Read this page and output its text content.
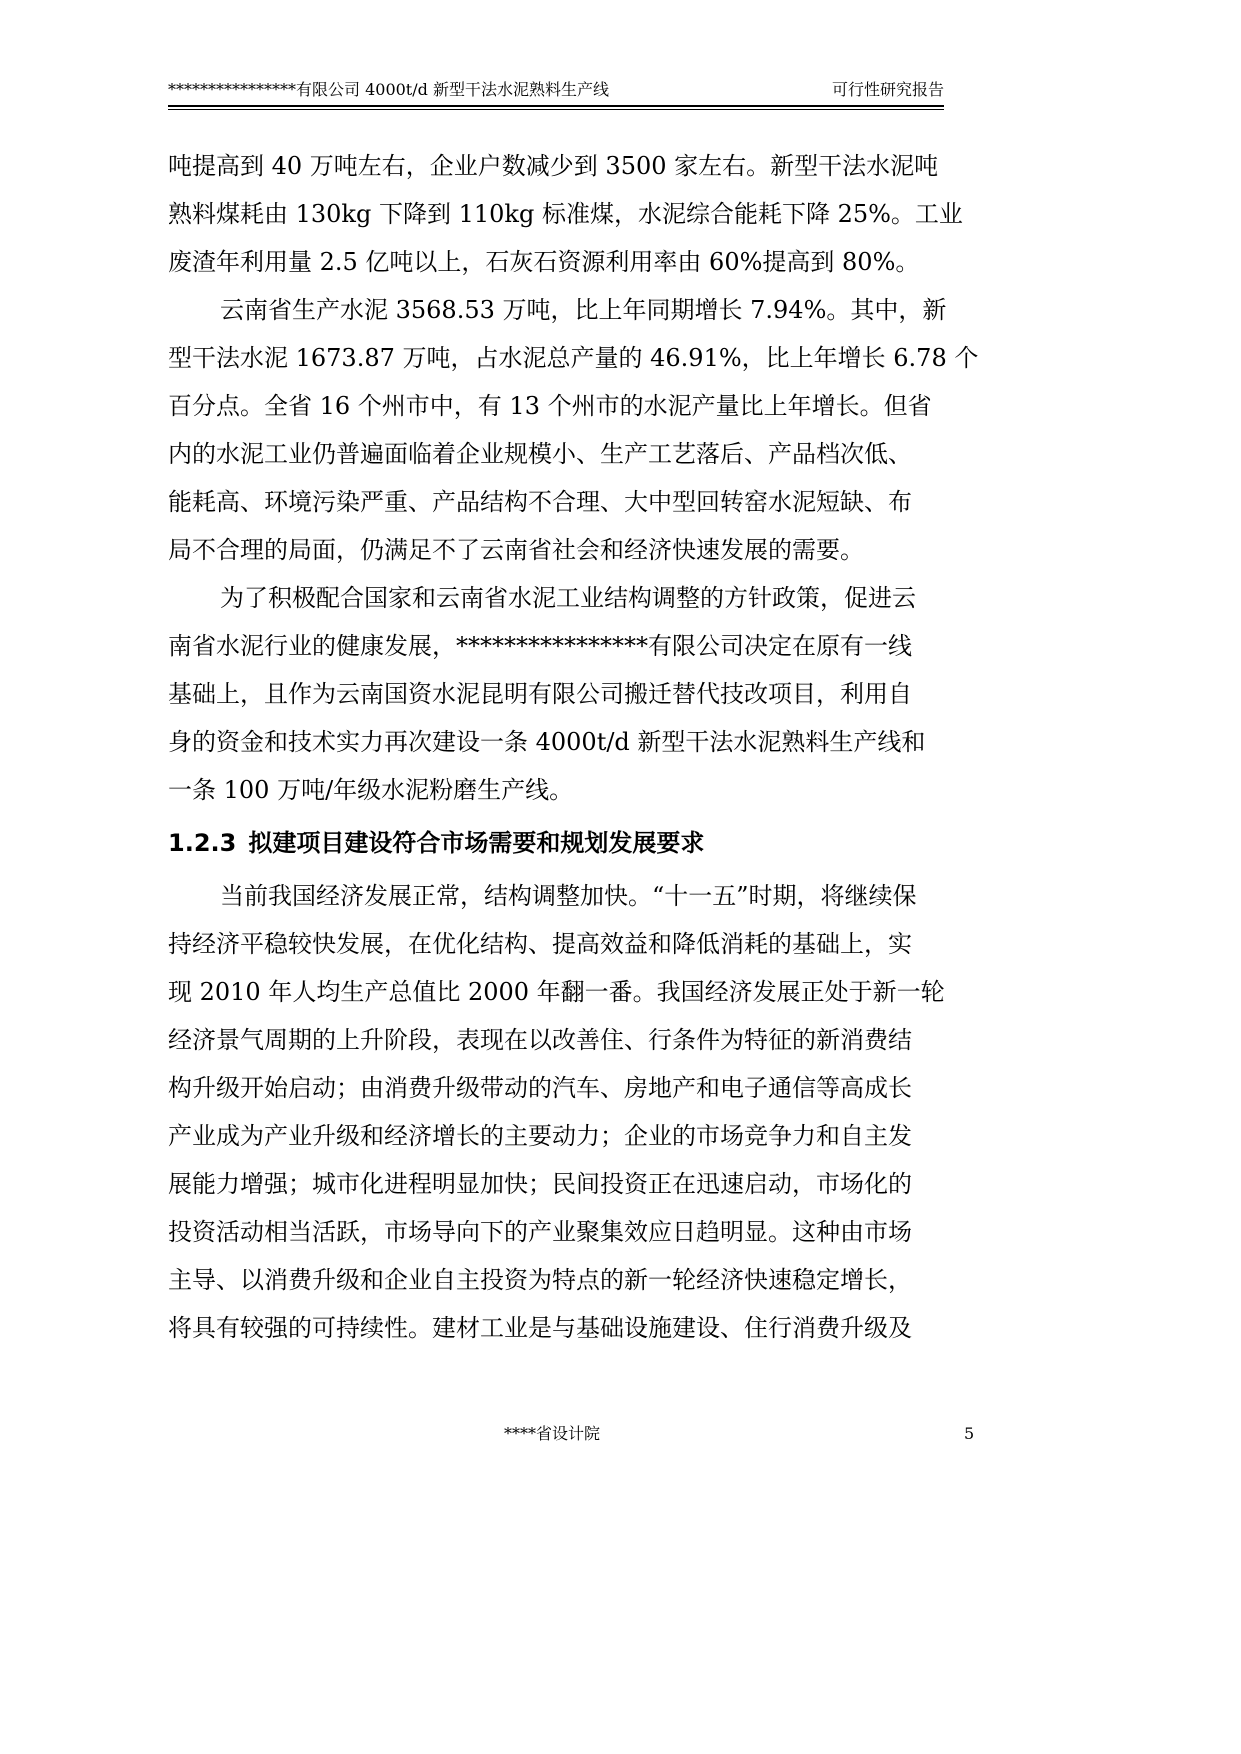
****************有限公司 4000t/d 新型干法水泥熟料生产线	可行性研究报告
吨提高到 40 万吨左右，企业户数减少到 3500 家左右。新型干法水泥吨
熟料煤耗由 130kg 下降到 110kg 标准煤，水泥综合能耗下降 25%。工业
废渣年利用量 2.5 亿吨以上，石灰石资源利用率由 60%提高到 80%。
云南省生产水泥 3568.53 万吨，比上年同期增长 7.94%。其中，新
型干法水泥 1673.87 万吨，占水泥总产量的 46.91%，比上年增长 6.78 个
百分点。全省 16 个州市中，有 13 个州市的水泥产量比上年增长。但省
内的水泥工业仍普遍面临着企业规模小、生产工艺落后、产品档次低、
能耗高、环境污染严重、产品结构不合理、大中型回转窑水泥短缺、布
局不合理的局面，仍满足不了云南省社会和经济快速发展的需要。
为了积极配合国家和云南省水泥工业结构调整的方针政策，促进云
南省水泥行业的健康发展，****************有限公司决定在原有一线
基础上，且作为云南国资水泥昆明有限公司搬迁替代技改项目，利用自
身的资金和技术实力再次建设一条 4000t/d 新型干法水泥熟料生产线和
一条 100 万吨/年级水泥粉磨生产线。
1.2.3 拟建项目建设符合市场需要和规划发展要求
当前我国经济发展正常，结构调整加快。“十一五”时期，将继续保
持经济平稳较快发展，在优化结构、提高效益和降低消耗的基础上，实
现 2010 年人均生产总值比 2000 年翻一番。我国经济发展正处于新一轮
经济景气周期的上升阶段，表现在以改善住、行条件为特征的新消费结
构升级开始启动；由消费升级带动的汽车、房地产和电子通信等高成长
产业成为产业升级和经济增长的主要动力；企业的市场竞争力和自主发
展能力增强；城市化进程明显加快；民间投资正在迅速启动，市场化的
投资活动相当活跃，市场导向下的产业聚集效应日趋明显。这种由市场
主导、以消费升级和企业自主投资为特点的新一轮经济快速稳定增长，
将具有较强的可持续性。建材工业是与基础设施建设、住行消费升级及
****省设计院	5
